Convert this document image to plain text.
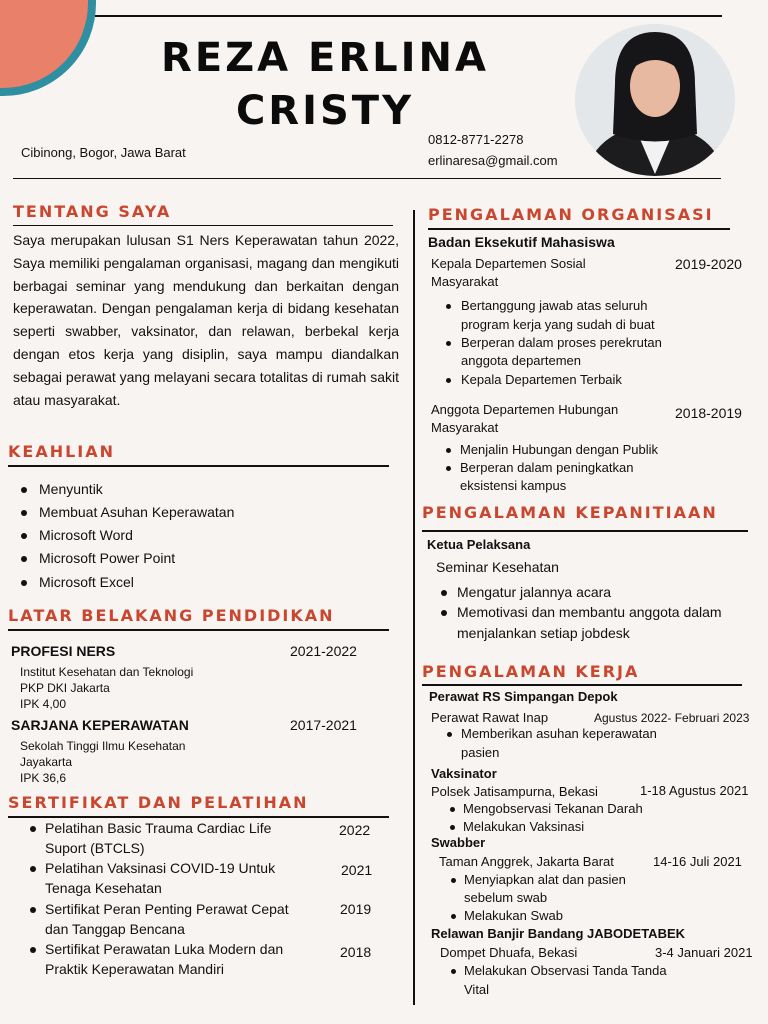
REZA ERLINA
CRISTY
Cibinong, Bogor, Jawa Barat
0812-8771-2278
erlinaresa@gmail.com
TENTANG SAYA
Saya merupakan lulusan S1 Ners Keperawatan tahun 2022, Saya memiliki pengalaman organisasi, magang dan mengikuti berbagai seminar yang mendukung dan berkaitan dengan keperawatan. Dengan pengalaman kerja di bidang kesehatan seperti swabber, vaksinator, dan relawan, berbekal kerja dengan etos kerja yang disiplin, saya mampu diandalkan sebagai perawat yang melayani secara totalitas di rumah sakit atau masyarakat.
KEAHLIAN
Menyuntik
Membuat Asuhan Keperawatan
Microsoft Word
Microsoft Power Point
Microsoft Excel
LATAR BELAKANG PENDIDIKAN
PROFESI NERS	2021-2022
Institut Kesehatan dan Teknologi
PKP DKI Jakarta
IPK 4,00
SARJANA KEPERAWATAN	2017-2021
Sekolah Tinggi Ilmu Kesehatan
Jayakarta
IPK 36,6
SERTIFIKAT DAN PELATIHAN
Pelatihan Basic Trauma Cardiac Life
Suport (BTCLS)
2022
Pelatihan Vaksinasi COVID-19 Untuk
Tenaga Kesehatan
2021
Sertifikat Peran Penting Perawat Cepat
dan Tanggap Bencana
2019
Sertifikat Perawatan Luka Modern dan
Praktik Keperawatan Mandiri
2018
PENGALAMAN ORGANISASI
Badan Eksekutif Mahasiswa
Kepala Departemen Sosial
Masyarakat
2019-2020
Bertanggung jawab atas seluruh
program kerja yang sudah di buat
Berperan dalam proses perekrutan
anggota departemen
Kepala Departemen Terbaik
Anggota Departemen Hubungan
Masyarakat
2018-2019
Menjalin Hubungan dengan Publik
Berperan dalam peningkatkan
eksistensi kampus
PENGALAMAN KEPANITIAAN
Ketua Pelaksana
Seminar Kesehatan
Mengatur jalannya acara
Memotivasi dan membantu anggota dalam
menjalankan setiap jobdesk
PENGALAMAN KERJA
Perawat RS Simpangan Depok
Perawat Rawat Inap	Agustus 2022- Februari 2023
Memberikan asuhan keperawatan
pasien
Vaksinator
Polsek Jatisampurna, Bekasi	1-18 Agustus 2021
Mengobservasi Tekanan Darah
Melakukan Vaksinasi
Swabber
Taman Anggrek, Jakarta Barat	14-16 Juli 2021
Menyiapkan alat dan pasien
sebelum swab
Melakukan Swab
Relawan Banjir Bandang JABODETABEK
Dompet Dhuafa, Bekasi	3-4 Januari 2021
Melakukan Observasi Tanda Tanda
Vital
